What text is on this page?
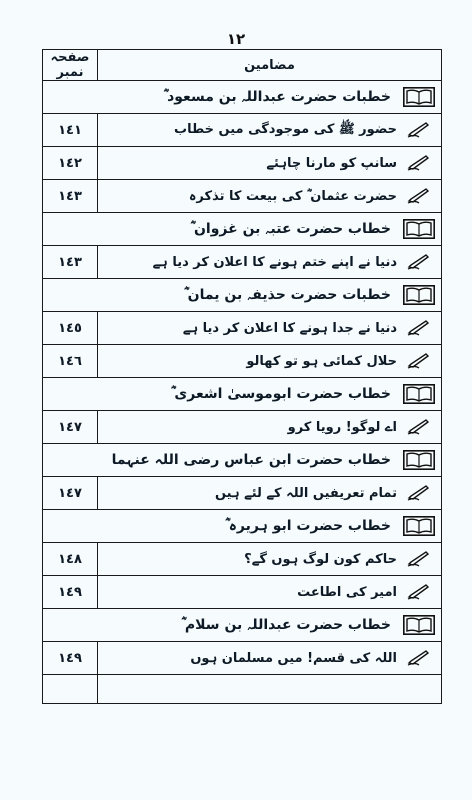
١٢
مضامین	صفحہ نمبر

خطبات حضرت عبداللہ بن مسعود ؓ	

حضور ﷺ کی موجودگی میں خطاب	١٤١

سانپ کو مارنا چاہئے	١٤٢

حضرت عثمان ؓ کی بیعت کا تذکرہ	١٤٣

خطاب حضرت عتبہ بن غزوان ؓ	

دنیا نے اپنے ختم ہونے کا اعلان کر دیا ہے	١٤٣

خطبات حضرت حذیفہ بن یمان ؓ	

دنیا نے جدا ہونے کا اعلان کر دیا ہے	١٤٥

حلال کمائی ہو تو کھالو	١٤٦

خطاب حضرت ابوموسیٰ اشعری ؓ	

اے لوگو! رویا کرو	١٤٧

خطاب حضرت ابن عباس رضی اللہ عنہما	

تمام تعریفیں اللہ کے لئے ہیں	١٤٧

خطاب حضرت ابو ہریرہ ؓ	

حاکم کون لوگ ہوں گے؟	١٤٨

امیر کی اطاعت	١٤٩

خطاب حضرت عبداللہ بن سلام ؓ	

اللہ کی قسم! میں مسلمان ہوں	١٤٩
